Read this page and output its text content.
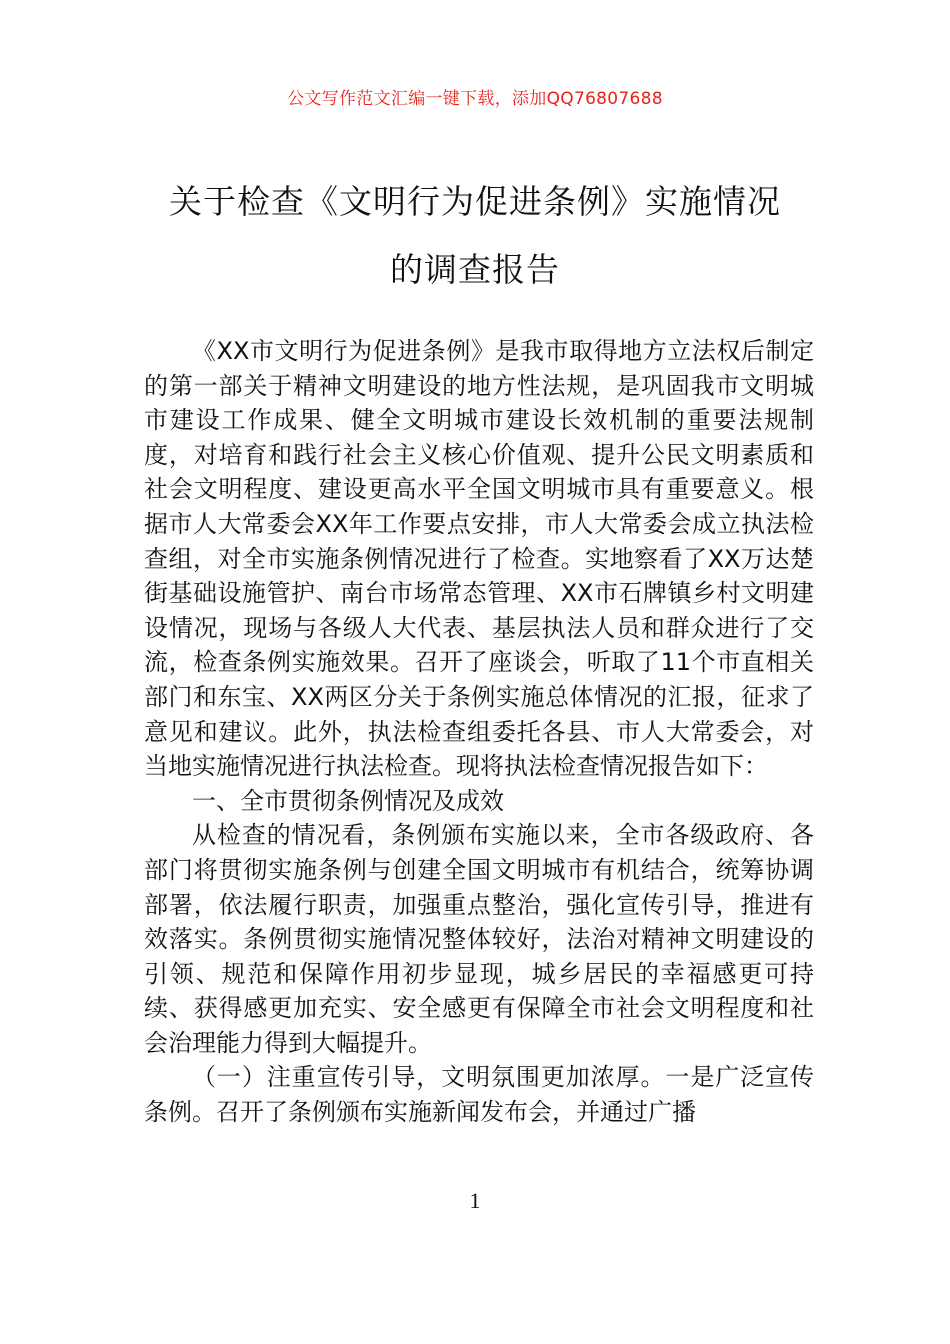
公文写作范文汇编一键下载，添加QQ76807688
关于检查《文明行为促进条例》实施情况
的调查报告

《XX市文明行为促进条例》是我市取得地方立法权后制定的第一部关于精神文明建设的地方性法规，是巩固我市文明城市建设工作成果、健全文明城市建设长效机制的重要法规制度，对培育和践行社会主义核心价值观、提升公民文明素质和社会文明程度、建设更高水平全国文明城市具有重要意义。根据市人大常委会XX年工作要点安排，市人大常委会成立执法检查组，对全市实施条例情况进行了检查。实地察看了XX万达楚街基础设施管护、南台市场常态管理、XX市石牌镇乡村文明建设情况，现场与各级人大代表、基层执法人员和群众进行了交流，检查条例实施效果。召开了座谈会，听取了11个市直相关部门和东宝、XX两区分关于条例实施总体情况的汇报，征求了意见和建议。此外，执法检查组委托各县、市人大常委会，对当地实施情况进行执法检查。现将执法检查情况报告如下：

一、全市贯彻条例情况及成效

从检查的情况看，条例颁布实施以来，全市各级政府、各部门将贯彻实施条例与创建全国文明城市有机结合，统筹协调部署，依法履行职责，加强重点整治，强化宣传引导，推进有效落实。条例贯彻实施情况整体较好，法治对精神文明建设的引领、规范和保障作用初步显现，城乡居民的幸福感更可持续、获得感更加充实、安全感更有保障全市社会文明程度和社会治理能力得到大幅提升。

（一）注重宣传引导，文明氛围更加浓厚。一是广泛宣传条例。召开了条例颁布实施新闻发布会，并通过广播

1
